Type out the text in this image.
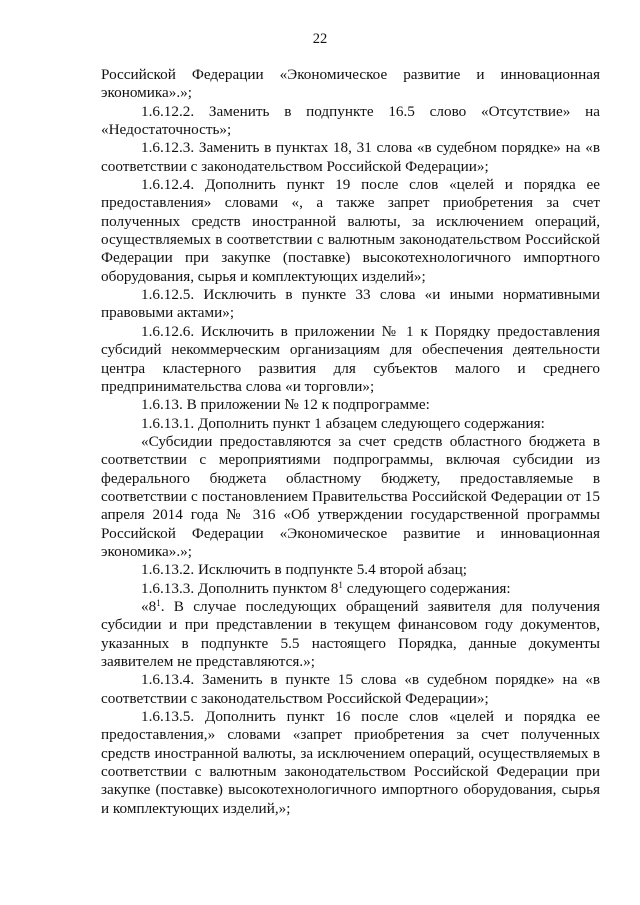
22

Российской Федерации «Экономическое развитие и инновационная экономика».»;

1.6.12.2. Заменить в подпункте 16.5 слово «Отсутствие» на «Недостаточность»;

1.6.12.3. Заменить в пунктах 18, 31 слова «в судебном порядке» на «в соответствии с законодательством Российской Федерации»;

1.6.12.4. Дополнить пункт 19 после слов «целей и порядка ее предоставления» словами «, а также запрет приобретения за счет полученных средств иностранной валюты, за исключением операций, осуществляемых в соответствии с валютным законодательством Российской Федерации при закупке (поставке) высокотехнологичного импортного оборудования, сырья и комплектующих изделий»;

1.6.12.5. Исключить в пункте 33 слова «и иными нормативными правовыми актами»;

1.6.12.6. Исключить в приложении № 1 к Порядку предоставления субсидий некоммерческим организациям для обеспечения деятельности центра кластерного развития для субъектов малого и среднего предпринимательства слова «и торговли»;

1.6.13. В приложении № 12 к подпрограмме:

1.6.13.1. Дополнить пункт 1 абзацем следующего содержания:

«Субсидии предоставляются за счет средств областного бюджета в соответствии с мероприятиями подпрограммы, включая субсидии из федерального бюджета областному бюджету, предоставляемые в соответствии с постановлением Правительства Российской Федерации от 15 апреля 2014 года № 316 «Об утверждении государственной программы Российской Федерации «Экономическое развитие и инновационная экономика».»;

1.6.13.2. Исключить в подпункте 5.4 второй абзац;

1.6.13.3. Дополнить пунктом $8^1$ следующего содержания:

«$8^1$. В случае последующих обращений заявителя для получения субсидии и при представлении в текущем финансовом году документов, указанных в подпункте 5.5 настоящего Порядка, данные документы заявителем не представляются.»;

1.6.13.4. Заменить в пункте 15 слова «в судебном порядке» на «в соответствии с законодательством Российской Федерации»;

1.6.13.5. Дополнить пункт 16 после слов «целей и порядка ее предоставления,» словами «запрет приобретения за счет полученных средств иностранной валюты, за исключением операций, осуществляемых в соответствии с валютным законодательством Российской Федерации при закупке (поставке) высокотехнологичного импортного оборудования, сырья и комплектующих изделий,»;
